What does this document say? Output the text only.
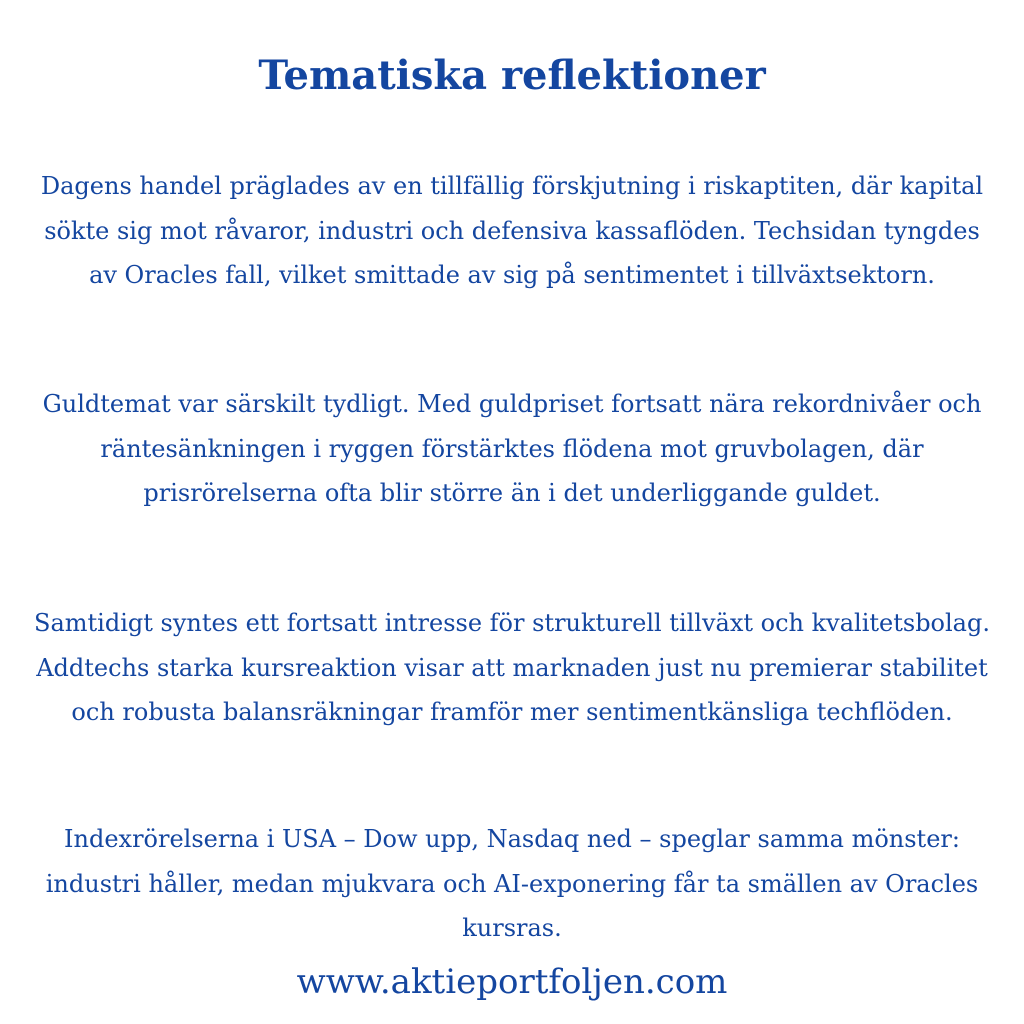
Tematiska reflektioner

Dagens handel präglades av en tillfällig förskjutning i riskaptiten, där kapital sökte sig mot råvaror, industri och defensiva kassaflöden. Techsidan tyngdes av Oracles fall, vilket smittade av sig på sentimentet i tillväxtsektorn.

Guldtemat var särskilt tydligt. Med guldpriset fortsatt nära rekordnivåer och räntesänkningen i ryggen förstärktes flödena mot gruvbolagen, där prisrörelserna ofta blir större än i det underliggande guldet.

Samtidigt syntes ett fortsatt intresse för strukturell tillväxt och kvalitetsbolag. Addtechs starka kursreaktion visar att marknaden just nu premierar stabilitet och robusta balansräkningar framför mer sentimentkänsliga techflöden.

Indexrörelserna i USA – Dow upp, Nasdaq ned – speglar samma mönster: industri håller, medan mjukvara och AI-exponering får ta smällen av Oracles kursras.

www.aktieportfoljen.com
